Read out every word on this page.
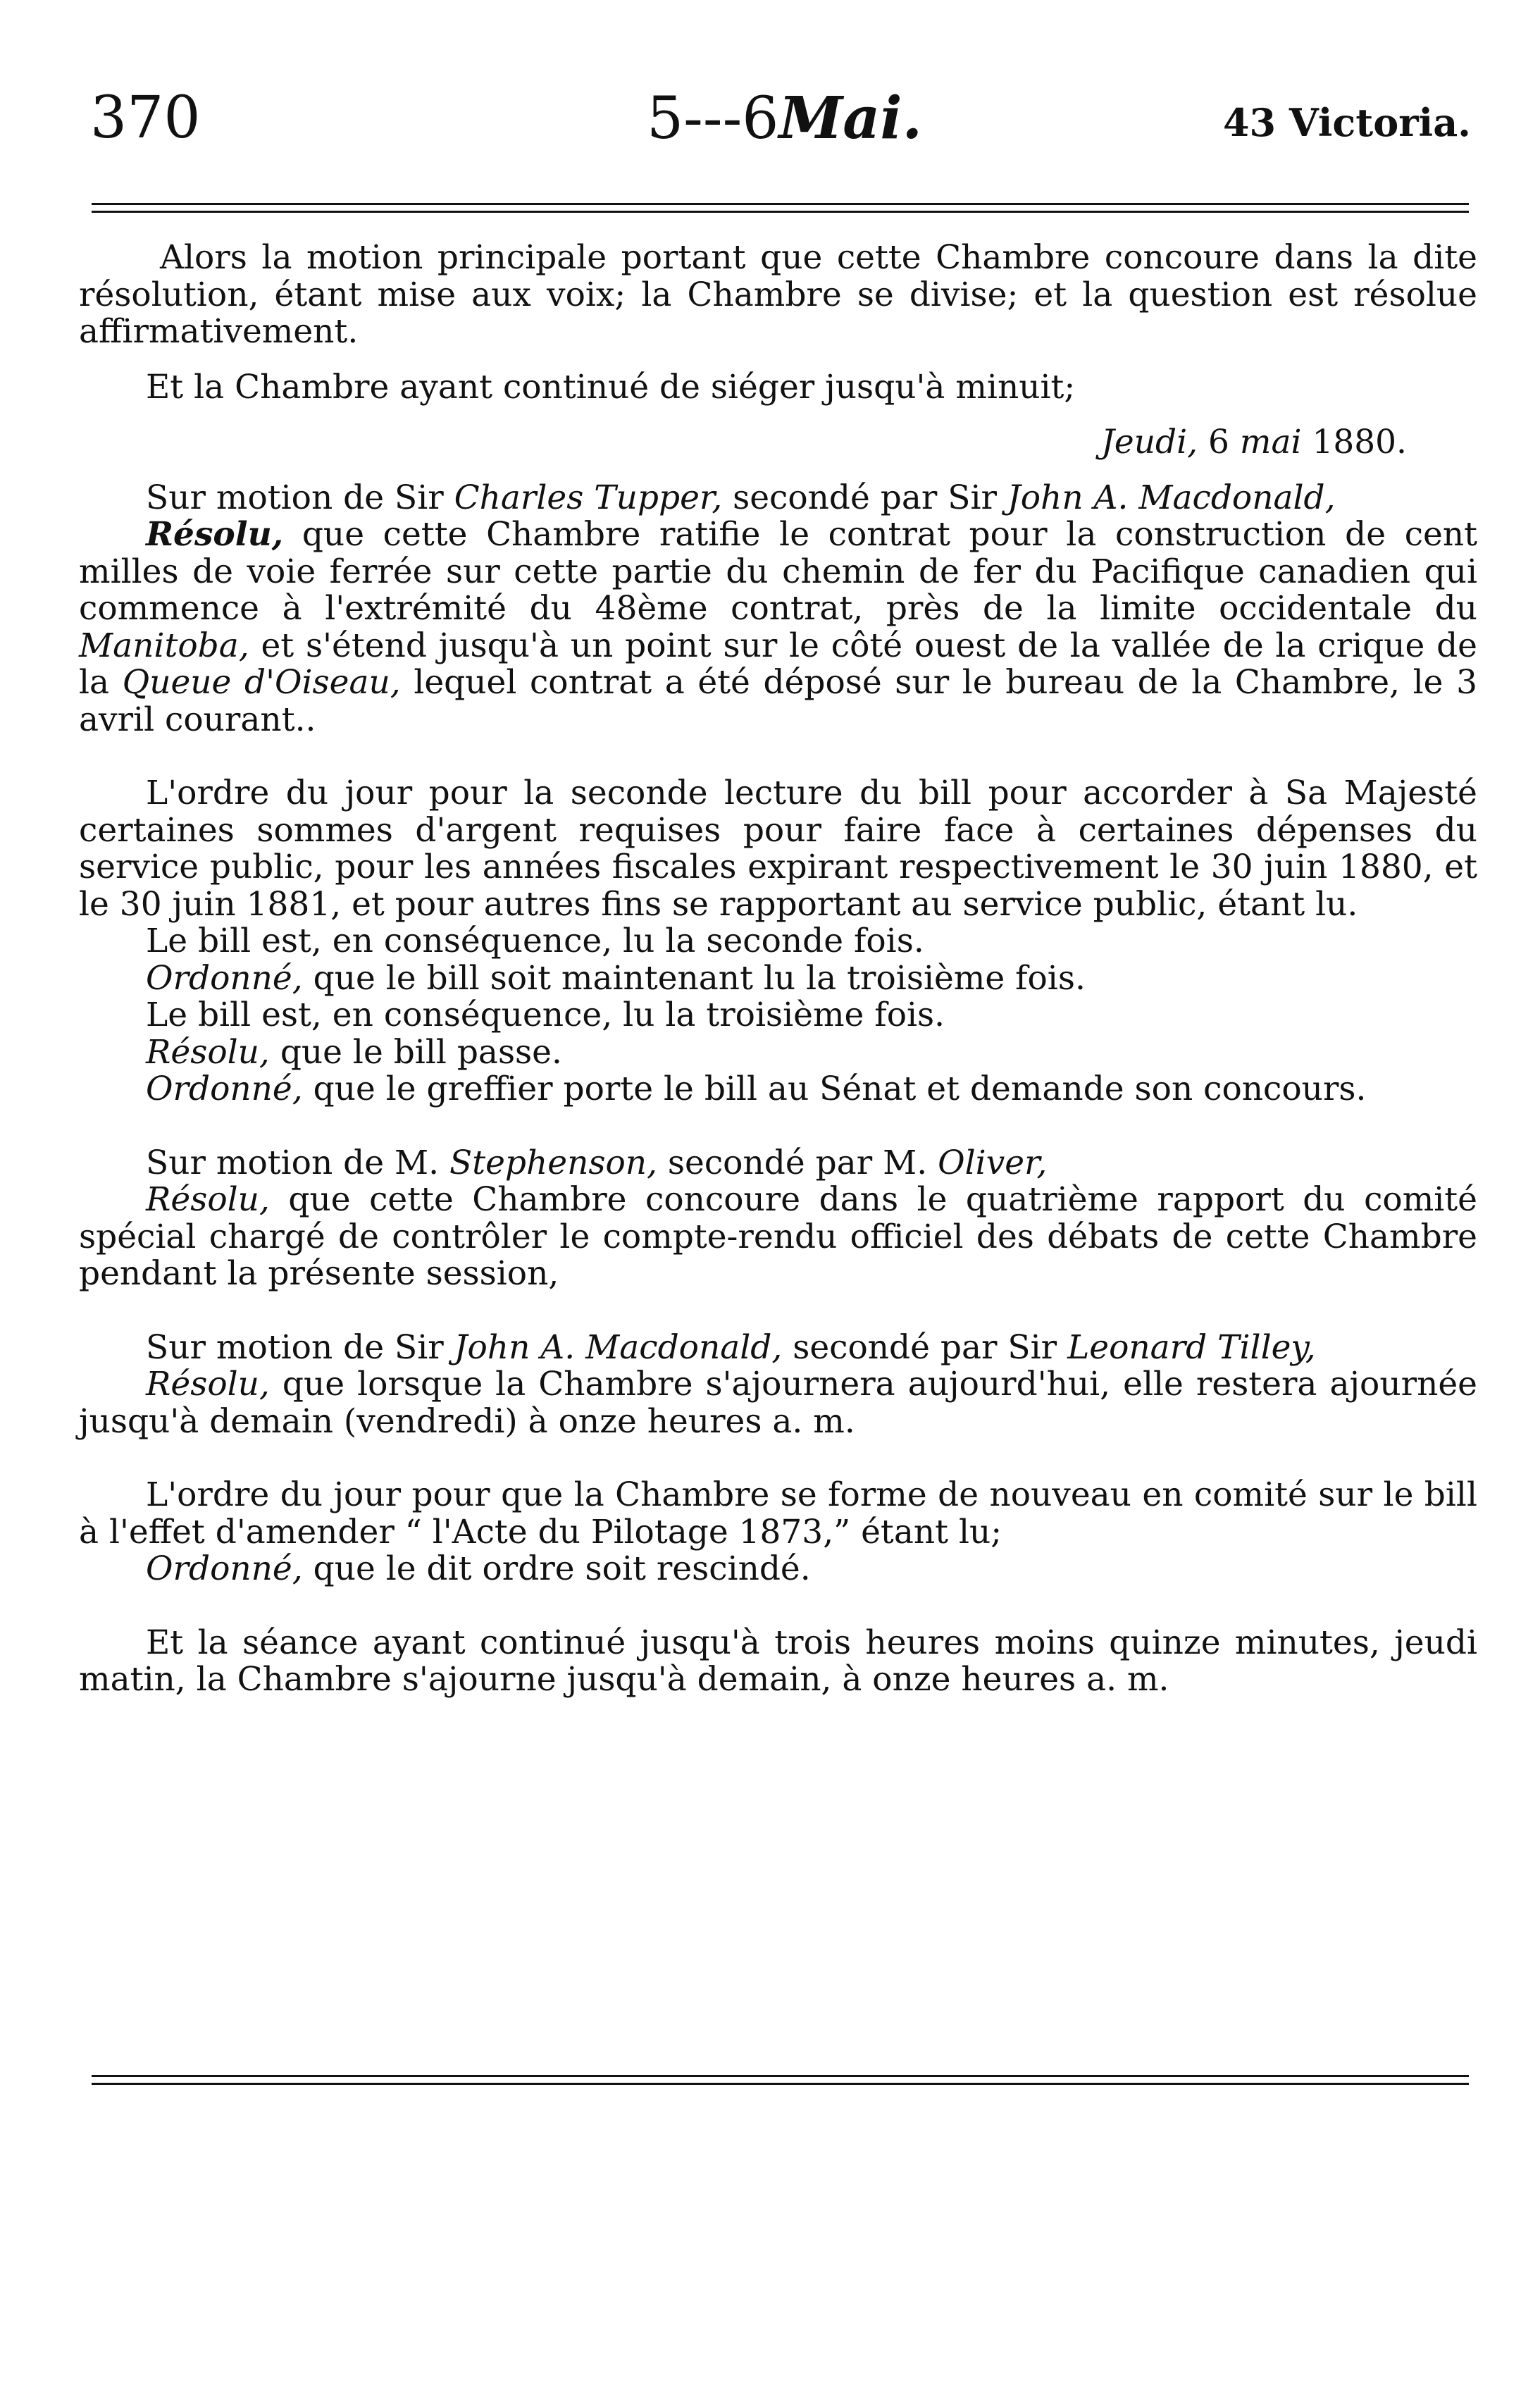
370	5---6Mai.	43 Victoria.

Alors la motion principale portant que cette Chambre concoure dans la dite résolution, étant mise aux voix; la Chambre se divise; et la question est résolue affirmativement.

Et la Chambre ayant continué de siéger jusqu'à minuit;

Jeudi, 6 mai 1880.

Sur motion de Sir Charles Tupper, secondé par Sir John A. Macdonald,

Résolu, que cette Chambre ratifie le contrat pour la construction de cent milles de voie ferrée sur cette partie du chemin de fer du Pacifique canadien qui commence à l'extrémité du 48ème contrat, près de la limite occidentale du Manitoba, et s'étend jusqu'à un point sur le côté ouest de la vallée de la crique de la Queue d'Oiseau, lequel contrat a été déposé sur le bureau de la Chambre, le 3 avril courant..

L'ordre du jour pour la seconde lecture du bill pour accorder à Sa Majesté certaines sommes d'argent requises pour faire face à certaines dépenses du service public, pour les années fiscales expirant respectivement le 30 juin 1880, et le 30 juin 1881, et pour autres fins se rapportant au service public, étant lu.

Le bill est, en conséquence, lu la seconde fois.

Ordonné, que le bill soit maintenant lu la troisième fois.

Le bill est, en conséquence, lu la troisième fois.

Résolu, que le bill passe.

Ordonné, que le greffier porte le bill au Sénat et demande son concours.

Sur motion de M. Stephenson, secondé par M. Oliver,

Résolu, que cette Chambre concoure dans le quatrième rapport du comité spécial chargé de contrôler le compte-rendu officiel des débats de cette Chambre pendant la présente session,

Sur motion de Sir John A. Macdonald, secondé par Sir Leonard Tilley,

Résolu, que lorsque la Chambre s'ajournera aujourd'hui, elle restera ajournée jusqu'à demain (vendredi) à onze heures a. m.

L'ordre du jour pour que la Chambre se forme de nouveau en comité sur le bill à l'effet d'amender “ l'Acte du Pilotage 1873,” étant lu;

Ordonné, que le dit ordre soit rescindé.

Et la séance ayant continué jusqu'à trois heures moins quinze minutes, jeudi matin, la Chambre s'ajourne jusqu'à demain, à onze heures a. m.
